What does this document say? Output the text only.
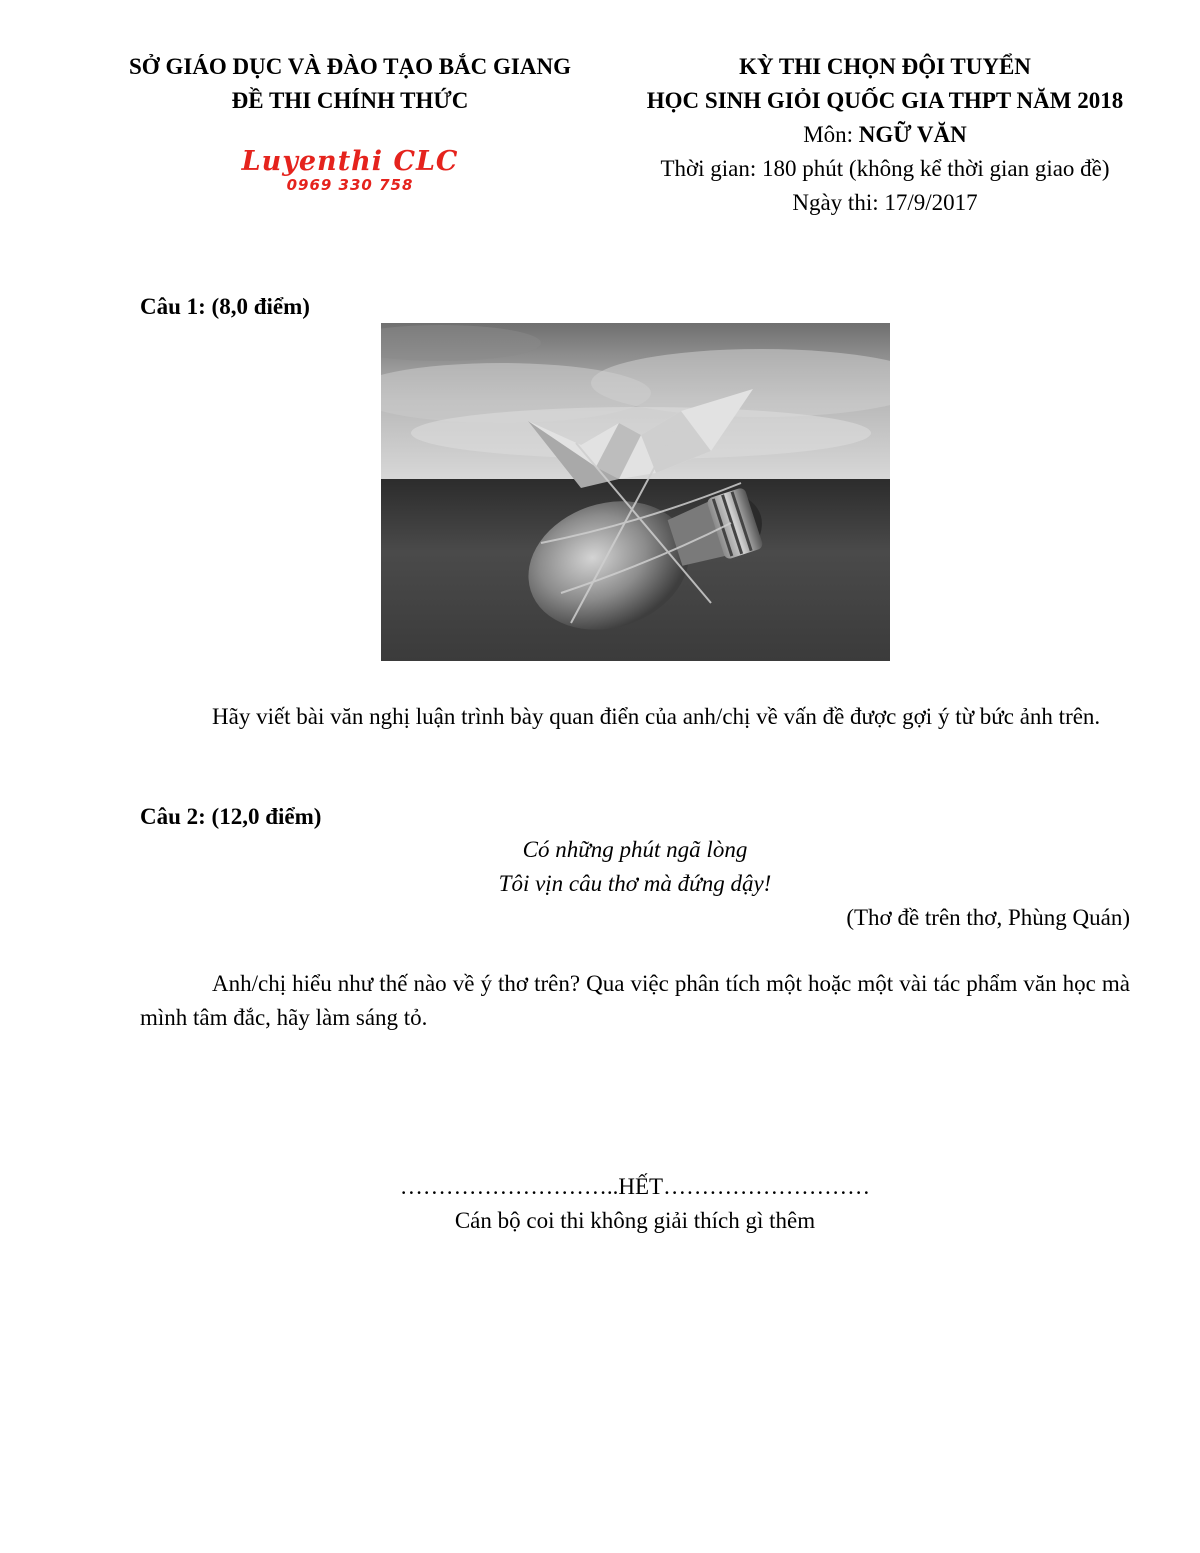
SỞ GIÁO DỤC VÀ ĐÀO TẠO BẮC GIANG
ĐỀ THI CHÍNH THỨC
Luyenthi CLC
0969 330 758
KỲ THI CHỌN ĐỘI TUYỂN
HỌC SINH GIỎI QUỐC GIA THPT NĂM 2018
Môn: NGỮ VĂN
Thời gian: 180 phút (không kể thời gian giao đề)
Ngày thi: 17/9/2017
Câu 1: (8,0 điểm)
Hãy viết bài văn nghị luận trình bày quan điển của anh/chị về vấn đề được gợi ý từ bức ảnh trên.
Câu 2: (12,0 điểm)
Có những phút ngã lòng
Tôi vịn câu thơ mà đứng dậy!
(Thơ đề trên thơ, Phùng Quán)
Anh/chị hiểu như thế nào về ý thơ trên? Qua việc phân tích một hoặc một vài tác phẩm văn học mà mình tâm đắc, hãy làm sáng tỏ.
………………………..HẾT………………………
Cán bộ coi thi không giải thích gì thêm
